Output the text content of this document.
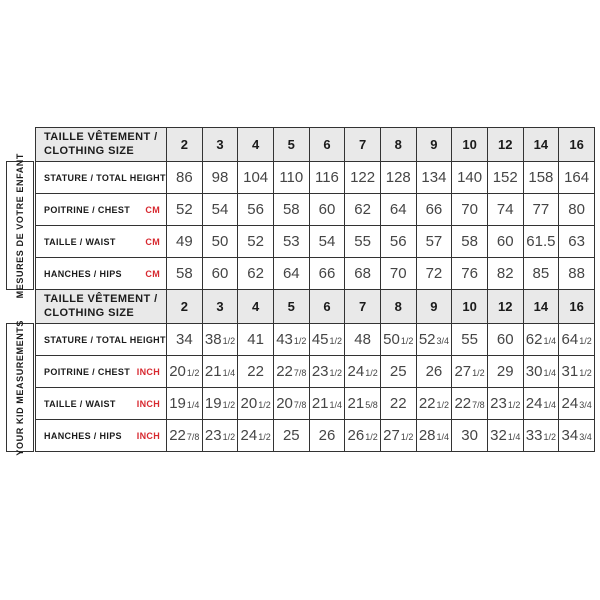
MESURES DE VOTRE ENFANT
YOUR KID MEASUREMENTS
TAILLE VÊTEMENT /
CLOTHING SIZE	2	3	4	5	6	7	8	9	10	12	14	16

STATURE / TOTAL HEIGHT	86	98	104	110	116	122	128	134	140	152	158	164

POITRINE / CHEST CM	52	54	56	58	60	62	64	66	70	74	77	80

TAILLE / WAIST CM	49	50	52	53	54	55	56	57	58	60	61.5	63

HANCHES / HIPS CM	58	60	62	64	66	68	70	72	76	82	85	88

TAILLE VÊTEMENT /
CLOTHING SIZE	2	3	4	5	6	7	8	9	10	12	14	16

STATURE / TOTAL HEIGHT	34	381/2	41	431/2	451/2	48	501/2	523/4	55	60	621/4	641/2

POITRINE / CHEST INCH	201/2	211/4	22	227/8	231/2	241/2	25	26	271/2	29	301/4	311/2

TAILLE / WAIST INCH	191/4	191/2	201/2	207/8	211/4	215/8	22	221/2	227/8	231/2	241/4	243/4

HANCHES / HIPS INCH	227/8	231/2	241/2	25	26	261/2	271/2	281/4	30	321/4	331/2	343/4
